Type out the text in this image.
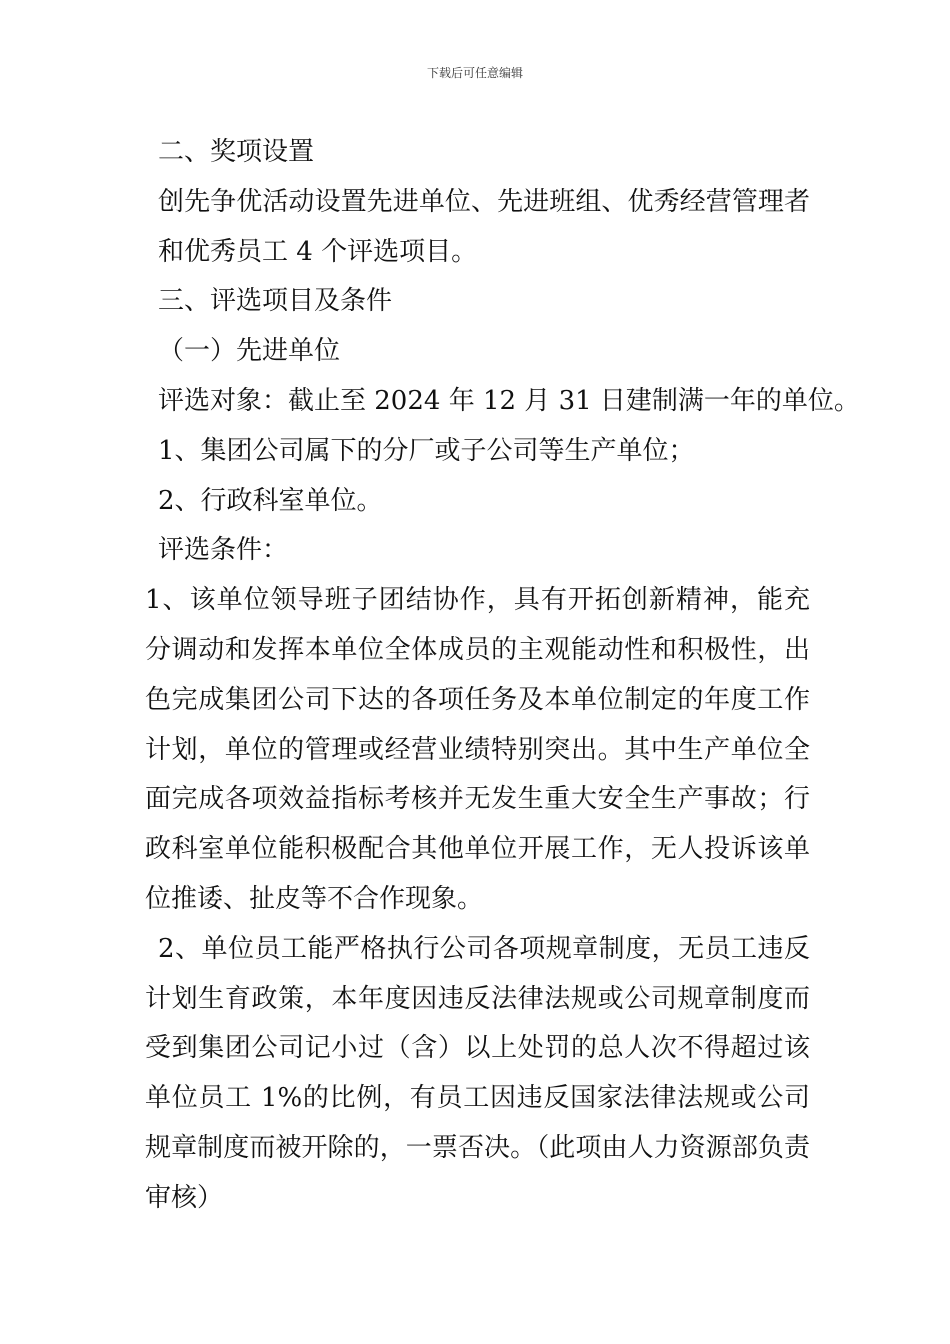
下载后可任意编辑

二、奖项设置

创先争优活动设置先进单位、先进班组、优秀经营管理者和优秀员工 4 个评选项目。

三、评选项目及条件

（一）先进单位

评选对象：截止至 2024 年 12 月 31 日建制满一年的单位。

1、集团公司属下的分厂或子公司等生产单位；

2、行政科室单位。

评选条件：

1、该单位领导班子团结协作，具有开拓创新精神，能充分调动和发挥本单位全体成员的主观能动性和积极性，出色完成集团公司下达的各项任务及本单位制定的年度工作计划，单位的管理或经营业绩特别突出。其中生产单位全面完成各项效益指标考核并无发生重大安全生产事故；行政科室单位能积极配合其他单位开展工作，无人投诉该单位推诿、扯皮等不合作现象。

2、单位员工能严格执行公司各项规章制度，无员工违反计划生育政策，本年度因违反法律法规或公司规章制度而受到集团公司记小过（含）以上处罚的总人次不得超过该单位员工 1%的比例，有员工因违反国家法律法规或公司规章制度而被开除的，一票否决。（此项由人力资源部负责审核）
